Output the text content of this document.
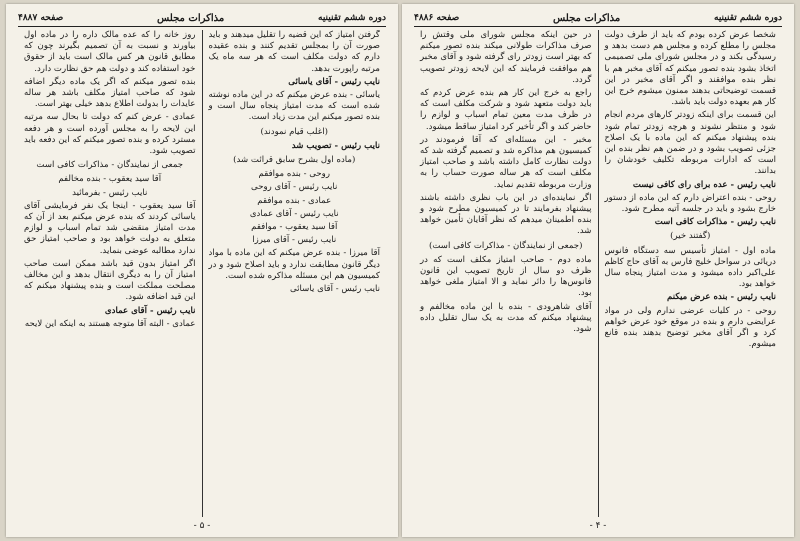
دوره ششم تقنینیه
مذاکرات مجلس
صفحه ۴۸۸۷

گرفتن امتیاز که این قضیه را تقلیل میدهند و باید صورت آن را بمجلس تقدیم کنند و بنده عقیده دارم که دولت مکلف است که هر سه ماه یک مرتبه راپورت بدهد.

نایب رئیس - آقای یاسائی

یاسائی - بنده عرض میکنم که در این ماده نوشته شده است که مدت امتیاز پنجاه سال است و بنده تصور میکنم این مدت زیاد است.

(اغلب قیام نمودند)

نایب رئیس - تصویب شد

(ماده اول بشرح سابق قرائت شد)

روحی - بنده موافقم

نایب رئیس - آقای روحی

عمادی - بنده موافقم

نایب رئیس - آقای عمادی

آقا سید یعقوب - موافقم

نایب رئیس - آقای میرزا

آقا میرزا - بنده عرض میکنم که این ماده با مواد دیگر قانون مطابقت ندارد و باید اصلاح شود و در کمیسیون هم این مسئله مذاکره شده است.

نایب رئیس - آقای یاسائی

روز خانه را که عده مالک داره را در ماده اول بیاورند و نسبت به آن تصمیم بگیرند چون که مطابق قانون هر کس مالک است باید از حقوق خود استفاده کند و دولت هم حق نظارت دارد.

بنده تصور میکنم که اگر یک ماده دیگر اضافه شود که صاحب امتیاز مکلف باشد هر ساله عایدات را بدولت اطلاع بدهد خیلی بهتر است.

عمادی - عرض کنم که دولت تا بحال سه مرتبه این لایحه را به مجلس آورده است و هر دفعه مسترد کرده و بنده تصور میکنم که این دفعه باید تصویب شود.

جمعی از نمایندگان - مذاکرات کافی است

آقا سید یعقوب - بنده مخالفم

نایب رئیس - بفرمائید

آقا سید یعقوب - اینجا یک نفر فرمایشی آقای یاسائی کردند که بنده عرض میکنم بعد از آن که مدت امتیاز منقضی شد تمام اسباب و لوازم متعلق به دولت خواهد بود و صاحب امتیاز حق ندارد مطالبه عوضی بنماید.

اگر امتیاز بدون قید باشد ممکن است صاحب امتیاز آن را به دیگری انتقال بدهد و این مخالف مصلحت مملکت است و بنده پیشنهاد میکنم که این قید اضافه شود.

نایب رئیس - آقای عمادی

عمادی - البته آقا متوجه هستند به اینکه این لایحه

- ۵ -
دوره ششم تقنینیه
مذاکرات مجلس
صفحه ۴۸۸۶

شخصاً عرض کرده بودم که باید از طرف دولت مجلس را مطلع کرده و مجلس هم دست بدهد و رسیدگی بکند و در مجلس شورای ملی تصمیمی اتخاذ بشود بنده تصور میکنم که آقای مخبر هم با نظر بنده موافقند و اگر آقای مخبر در این قسمت توضیحاتی بدهند ممنون میشوم خرج این کار هم بعهده دولت باید باشد.

این قسمت برای اینکه زودتر کارهای مردم انجام شود و منتظر نشوند و هرچه زودتر تمام شود بنده پیشنهاد میکنم که این ماده با یک اصلاح جزئی تصویب بشود و در ضمن هم نظر بنده این است که ادارات مربوطه تکلیف خودشان را بدانند.

نایب رئیس - عده برای رای کافی نیست

روحی - بنده اعتراض دارم که این ماده از دستور خارج بشود و باید در جلسه آتیه مطرح شود.

نایب رئیس - مذاکرات کافی است

(گفتند خیر)

ماده اول - امتیاز تأسیس سه دستگاه فانوس دریائی در سواحل خلیج فارس به آقای حاج کاظم علی‌اکبر داده میشود و مدت امتیاز پنجاه سال خواهد بود.

نایب رئیس - بنده عرض میکنم

روحی - در کلیات عرضی ندارم ولی در مواد عرایضی دارم و بنده در موقع خود عرض خواهم کرد و اگر آقای مخبر توضیح بدهند بنده قانع میشوم.

در حین اینکه مجلس شورای ملی وقتش را صرف مذاکرات طولانی میکند بنده تصور میکنم که بهتر است زودتر رای گرفته شود و آقای مخبر هم موافقت فرمایند که این لایحه زودتر تصویب گردد.

راجع به خرج این کار هم بنده عرض کردم که باید دولت متعهد شود و شرکت مکلف است که در ظرف مدت معین تمام اسباب و لوازم را حاضر کند و اگر تأخیر کرد امتیاز ساقط میشود.

مخبر - این مسئله‌ای که آقا فرمودند در کمیسیون هم مذاکره شد و تصمیم گرفته شد که دولت نظارت کامل داشته باشد و صاحب امتیاز مکلف است که هر ساله صورت حساب را به وزارت مربوطه تقدیم نماید.

اگر نماینده‌ای در این باب نظری داشته باشند پیشنهاد بفرمایند تا در کمیسیون مطرح شود و بنده اطمینان میدهم که نظر آقایان تأمین خواهد شد.

(جمعی از نمایندگان - مذاکرات کافی است)

ماده دوم - صاحب امتیاز مکلف است که در ظرف دو سال از تاریخ تصویب این قانون فانوس‌ها را دائر نماید و الا امتیاز ملغی خواهد بود.

آقای شاهرودی - بنده با این ماده مخالفم و پیشنهاد میکنم که مدت به یک سال تقلیل داده شود.

- ۴ -
